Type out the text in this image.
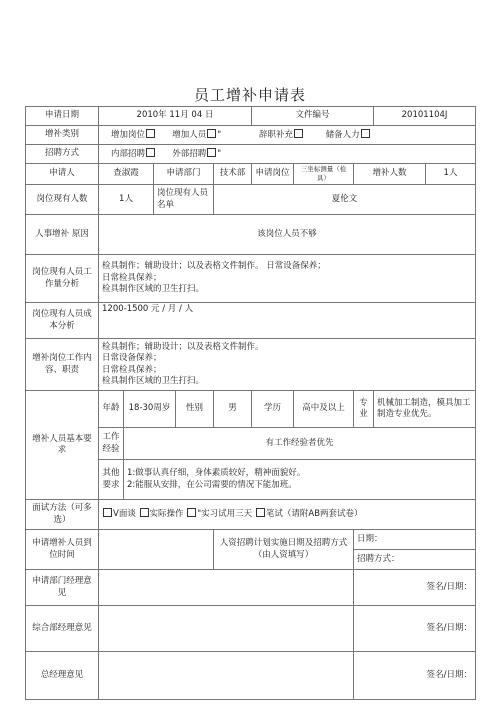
员工增补申请表
申请日期	2010年 11月 04 日					文件编号			20101104J	
增补类别	增加岗位 增加人员 " 辞职补充 储备人力									
招聘方式	内部招聘 外部招聘 "									
申请人	查淑霞		申请部门		技术部	申请岗位	三坐标测量（检具）	增补人数		1人
岗位现有人数	1人		岗位现有人员名单		夏伦文					
人事增补 原因	该岗位人员不够									
岗位现有人员工作量分析	检具制作；辅助设计；以及表格文件制作。 日常设备保养；
日常检具保养；
检具制作区域的卫生打扫。									

岗位现有人员成本分析	1200-1500 元 / 月 / 人									
增补岗位工作内容、职责	检具制作；辅助设计；以及表格文件制作。
日常设备保养；
日常检具保养；
检具制作区域的卫生打扫。									

增补人员基本要求	年龄	18-30周岁		性别	男	学历	高中及以上	专业	机械加工制造，模具加工制造专业优先。	
	工作经验	有工作经验者优先								
	其他要求	1:做事认真仔细，身体素质较好，精神面貌好。
2:能服从安排，在公司需要的情况下能加班。								

面试方法（可多选）	V面谈 实际操作 "实习试用三天 笔试（请附AB两套试卷）									
申请增补人员到位时间					人资招聘计划实施日期及招聘方式（由人资填写）			日期：		
								招聘方式：		
申请部门经理意见								签名/日期：		
综合部经理意见								签名/日期：		
总经理意见								签名/日期：		
